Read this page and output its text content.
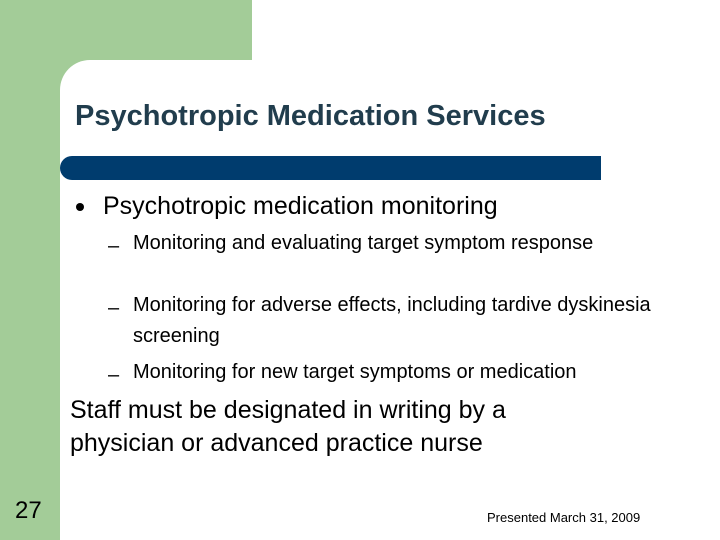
Psychotropic Medication Services
Psychotropic medication monitoring
– Monitoring and evaluating target symptom response
– Monitoring for adverse effects, including tardive dyskinesia screening
– Monitoring for new target symptoms or medication
Staff must be designated in writing by a physician or advanced practice nurse
27	Presented March 31, 2009
